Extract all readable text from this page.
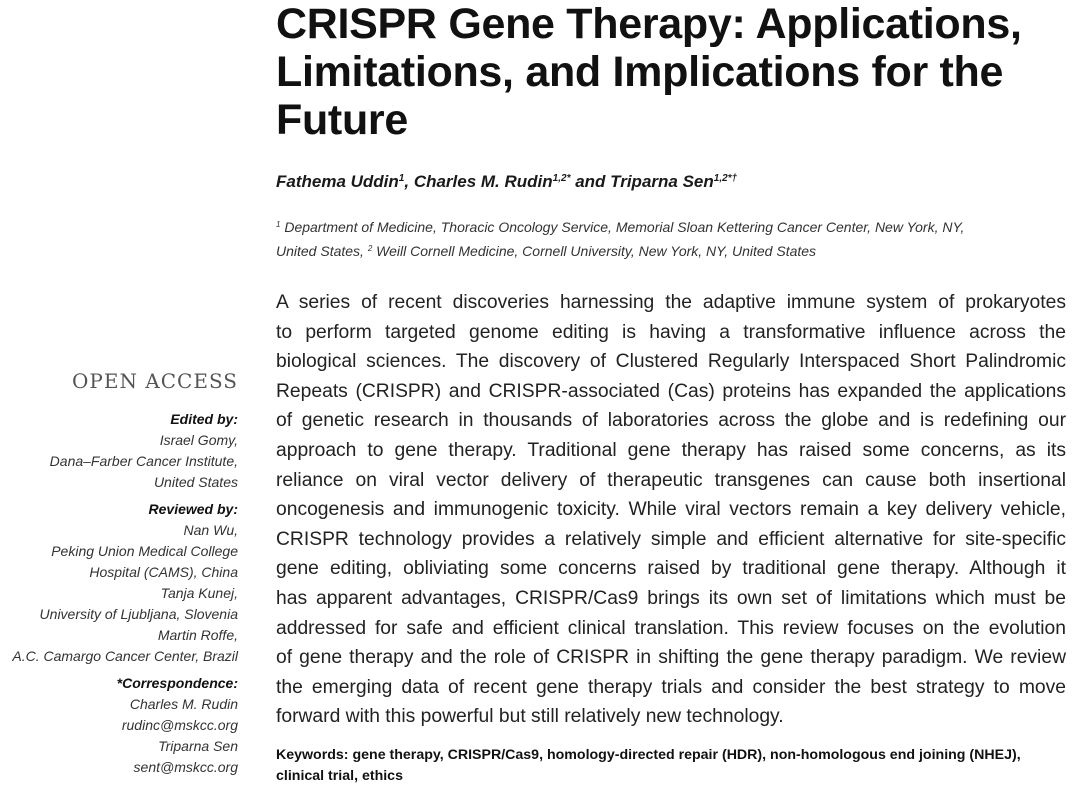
CRISPR Gene Therapy: Applications,
Limitations, and Implications for the
Future
Fathema Uddin$^1$, Charles M. Rudin$^{1,2*}$ and Triparna Sen$^{1,2*\dagger}$
$^1$ Department of Medicine, Thoracic Oncology Service, Memorial Sloan Kettering Cancer Center, New York, NY,
United States, $^2$ Weill Cornell Medicine, Cornell University, New York, NY, United States
A series of recent discoveries harnessing the adaptive immune system of prokaryotes
to perform targeted genome editing is having a transformative influence across the
biological sciences. The discovery of Clustered Regularly Interspaced Short Palindromic
Repeats (CRISPR) and CRISPR-associated (Cas) proteins has expanded the applications
of genetic research in thousands of laboratories across the globe and is redefining our
approach to gene therapy. Traditional gene therapy has raised some concerns, as its
reliance on viral vector delivery of therapeutic transgenes can cause both insertional
oncogenesis and immunogenic toxicity. While viral vectors remain a key delivery vehicle,
CRISPR technology provides a relatively simple and efficient alternative for site-specific
gene editing, obliviating some concerns raised by traditional gene therapy. Although it
has apparent advantages, CRISPR/Cas9 brings its own set of limitations which must be
addressed for safe and efficient clinical translation. This review focuses on the evolution
of gene therapy and the role of CRISPR in shifting the gene therapy paradigm. We review
the emerging data of recent gene therapy trials and consider the best strategy to move
forward with this powerful but still relatively new technology.
Keywords: gene therapy, CRISPR/Cas9, homology-directed repair (HDR), non-homologous end joining (NHEJ),
clinical trial, ethics
OPEN ACCESS
Edited by:
Israel Gomy,
Dana–Farber Cancer Institute,
United States
Reviewed by:
Nan Wu,
Peking Union Medical College
Hospital (CAMS), China
Tanja Kunej,
University of Ljubljana, Slovenia
Martin Roffe,
A.C. Camargo Cancer Center, Brazil
*Correspondence:
Charles M. Rudin
rudinc@mskcc.org
Triparna Sen
sent@mskcc.org
